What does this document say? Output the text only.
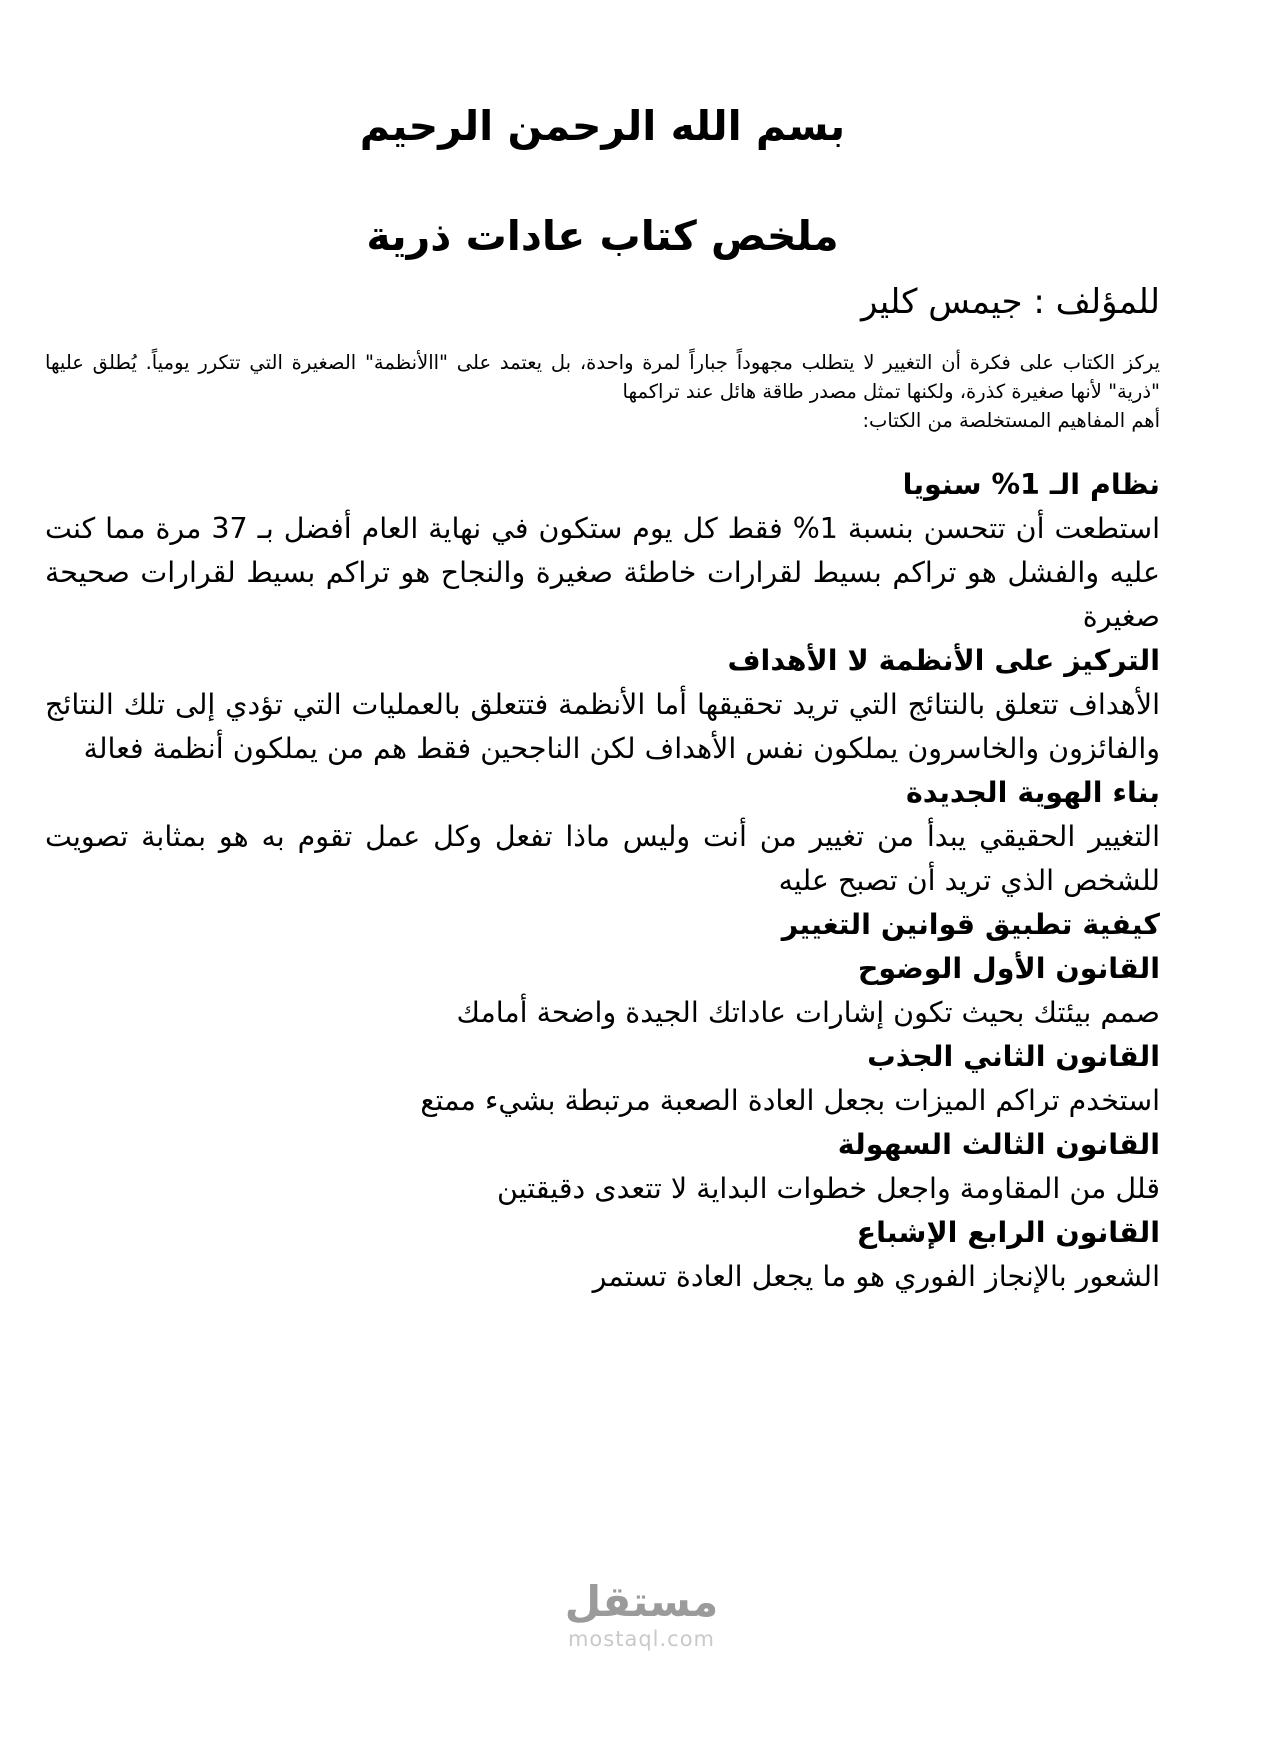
بسم الله الرحمن الرحيم
ملخص كتاب عادات ذرية
للمؤلف : جيمس كلير

يركز الكتاب على فكرة أن التغيير لا يتطلب مجهوداً جباراً لمرة واحدة، بل يعتمد على "االأنظمة" الصغيرة التي تتكرر يومياً. يُطلق عليها "ذرية" لأنها صغيرة كذرة، ولكنها تمثل مصدر طاقة هائل عند تراكمها

أهم المفاهيم المستخلصة من الكتاب:

نظام الـ 1% سنويا

استطعت أن تتحسن بنسبة 1% فقط كل يوم ستكون في نهاية العام أفضل بـ 37 مرة مما كنت عليه والفشل هو تراكم بسيط لقرارات خاطئة صغيرة والنجاح هو تراكم بسيط لقرارات صحيحة صغيرة

التركيز على الأنظمة لا الأهداف

الأهداف تتعلق بالنتائج التي تريد تحقيقها أما الأنظمة فتتعلق بالعمليات التي تؤدي إلى تلك النتائج والفائزون والخاسرون يملكون نفس الأهداف لكن الناجحين فقط هم من يملكون أنظمة فعالة

بناء الهوية الجديدة

التغيير الحقيقي يبدأ من تغيير من أنت وليس ماذا تفعل وكل عمل تقوم به هو بمثابة تصويت للشخص الذي تريد أن تصبح عليه

كيفية تطبيق قوانين التغيير
القانون الأول الوضوح

صمم بيئتك بحيث تكون إشارات عاداتك الجيدة واضحة أمامك

القانون الثاني الجذب

استخدم تراكم الميزات بجعل العادة الصعبة مرتبطة بشيء ممتع

القانون الثالث السهولة

قلل من المقاومة واجعل خطوات البداية لا تتعدى دقيقتين

القانون الرابع الإشباع

الشعور بالإنجاز الفوري هو ما يجعل العادة تستمر

مستقل
mostaql.com
